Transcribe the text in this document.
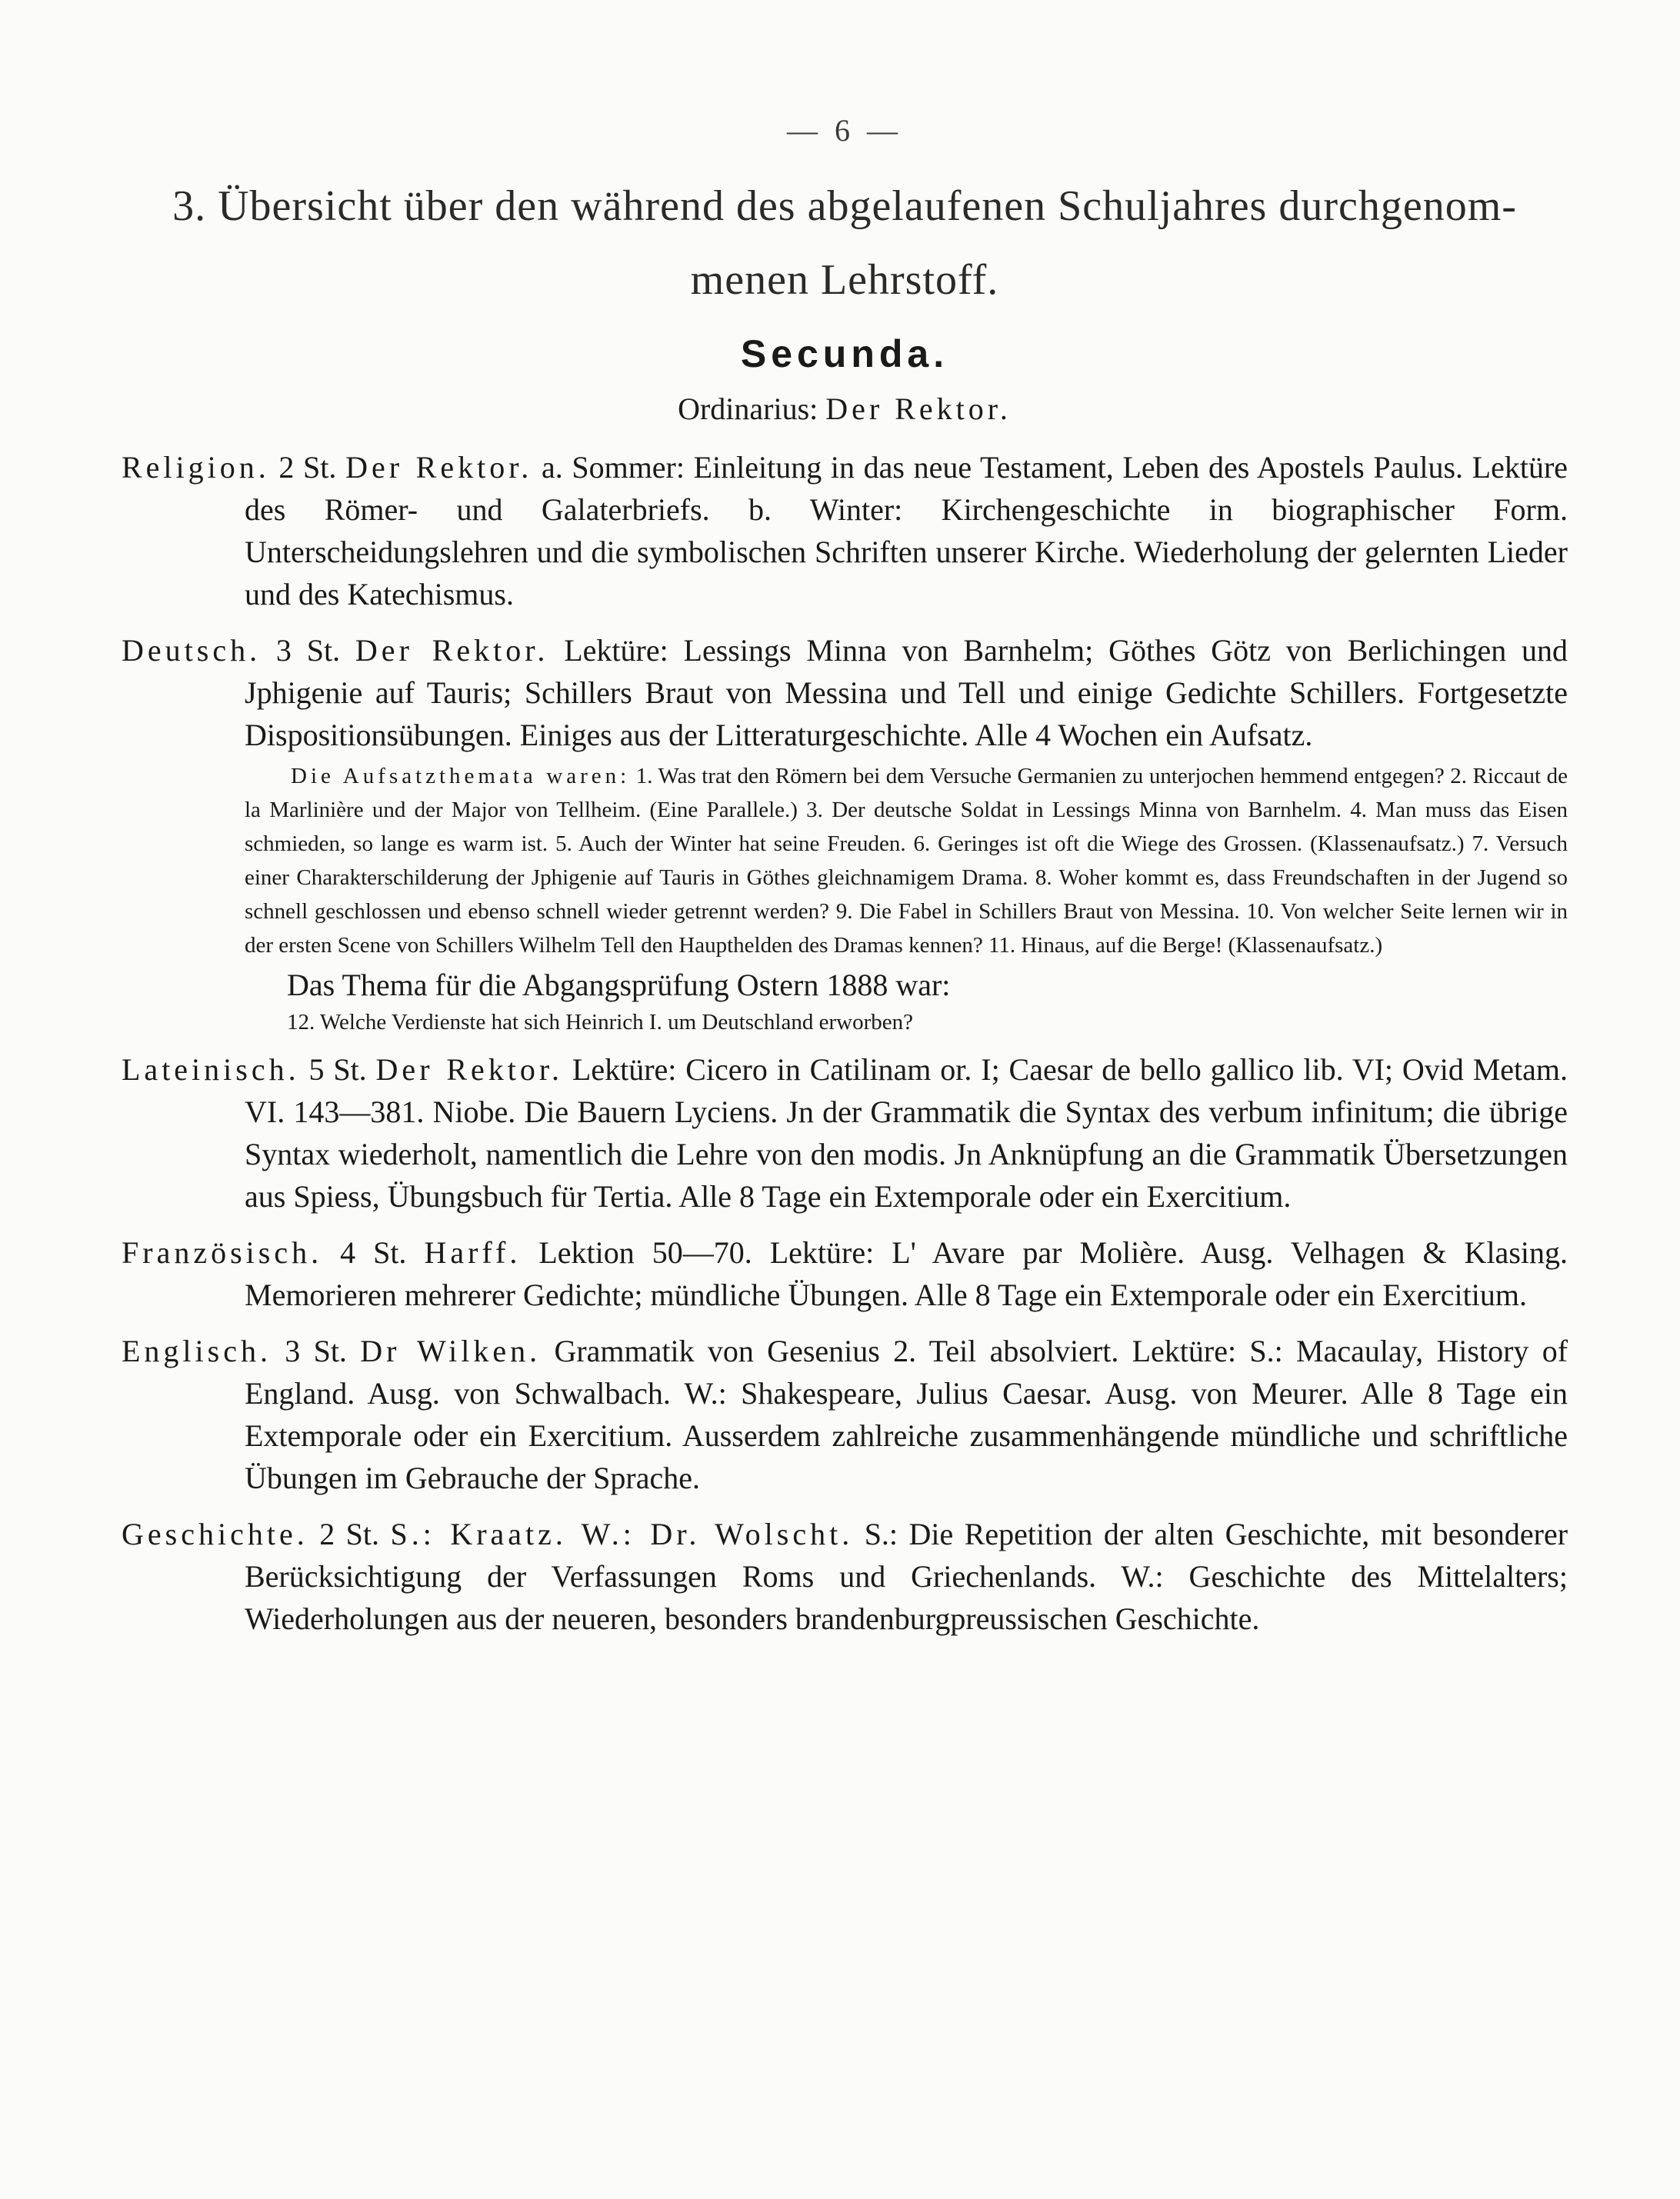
— 6 —
3. Übersicht über den während des abgelaufenen Schuljahres durchgenom-
menen Lehrstoff.
Secunda.
Ordinarius: Der Rektor.

Religion. 2 St. Der Rektor. a. Sommer: Einleitung in das neue Testament, Leben des Apostels Paulus. Lektüre des Römer- und Galaterbriefs. b. Winter: Kirchengeschichte in biographischer Form. Unterscheidungslehren und die symbolischen Schriften unserer Kirche. Wiederholung der gelernten Lieder und des Katechismus.

Deutsch. 3 St. Der Rektor. Lektüre: Lessings Minna von Barnhelm; Göthes Götz von Berlichingen und Jphigenie auf Tauris; Schillers Braut von Messina und Tell und einige Gedichte Schillers. Fortgesetzte Dispositionsübungen. Einiges aus der Litteraturgeschichte. Alle 4 Wochen ein Aufsatz.

Die Aufsatzthemata waren: 1. Was trat den Römern bei dem Versuche Germanien zu unterjochen hemmend entgegen? 2. Riccaut de la Marlinière und der Major von Tellheim. (Eine Parallele.) 3. Der deutsche Soldat in Lessings Minna von Barnhelm. 4. Man muss das Eisen schmieden, so lange es warm ist. 5. Auch der Winter hat seine Freuden. 6. Geringes ist oft die Wiege des Grossen. (Klassenaufsatz.) 7. Versuch einer Charakterschilderung der Jphigenie auf Tauris in Göthes gleichnamigem Drama. 8. Woher kommt es, dass Freundschaften in der Jugend so schnell geschlossen und ebenso schnell wieder getrennt werden? 9. Die Fabel in Schillers Braut von Messina. 10. Von welcher Seite lernen wir in der ersten Scene von Schillers Wilhelm Tell den Haupthelden des Dramas kennen? 11. Hinaus, auf die Berge! (Klassenaufsatz.)

Das Thema für die Abgangsprüfung Ostern 1888 war:
12. Welche Verdienste hat sich Heinrich I. um Deutschland erworben?

Lateinisch. 5 St. Der Rektor. Lektüre: Cicero in Catilinam or. I; Caesar de bello gallico lib. VI; Ovid Metam. VI. 143—381. Niobe. Die Bauern Lyciens. Jn der Grammatik die Syntax des verbum infinitum; die übrige Syntax wiederholt, namentlich die Lehre von den modis. Jn Anknüpfung an die Grammatik Übersetzungen aus Spiess, Übungsbuch für Tertia. Alle 8 Tage ein Extemporale oder ein Exercitium.

Französisch. 4 St. Harff. Lektion 50—70. Lektüre: L' Avare par Molière. Ausg. Velhagen & Klasing. Memorieren mehrerer Gedichte; mündliche Übungen. Alle 8 Tage ein Extemporale oder ein Exercitium.

Englisch. 3 St. Dr Wilken. Grammatik von Gesenius 2. Teil absolviert. Lektüre: S.: Macaulay, History of England. Ausg. von Schwalbach. W.: Shakespeare, Julius Caesar. Ausg. von Meurer. Alle 8 Tage ein Extemporale oder ein Exercitium. Ausserdem zahlreiche zusammenhängende mündliche und schriftliche Übungen im Gebrauche der Sprache.

Geschichte. 2 St. S.: Kraatz. W.: Dr. Wolscht. S.: Die Repetition der alten Geschichte, mit besonderer Berücksichtigung der Verfassungen Roms und Griechenlands. W.: Geschichte des Mittelalters; Wiederholungen aus der neueren, besonders brandenburgpreussischen Geschichte.
